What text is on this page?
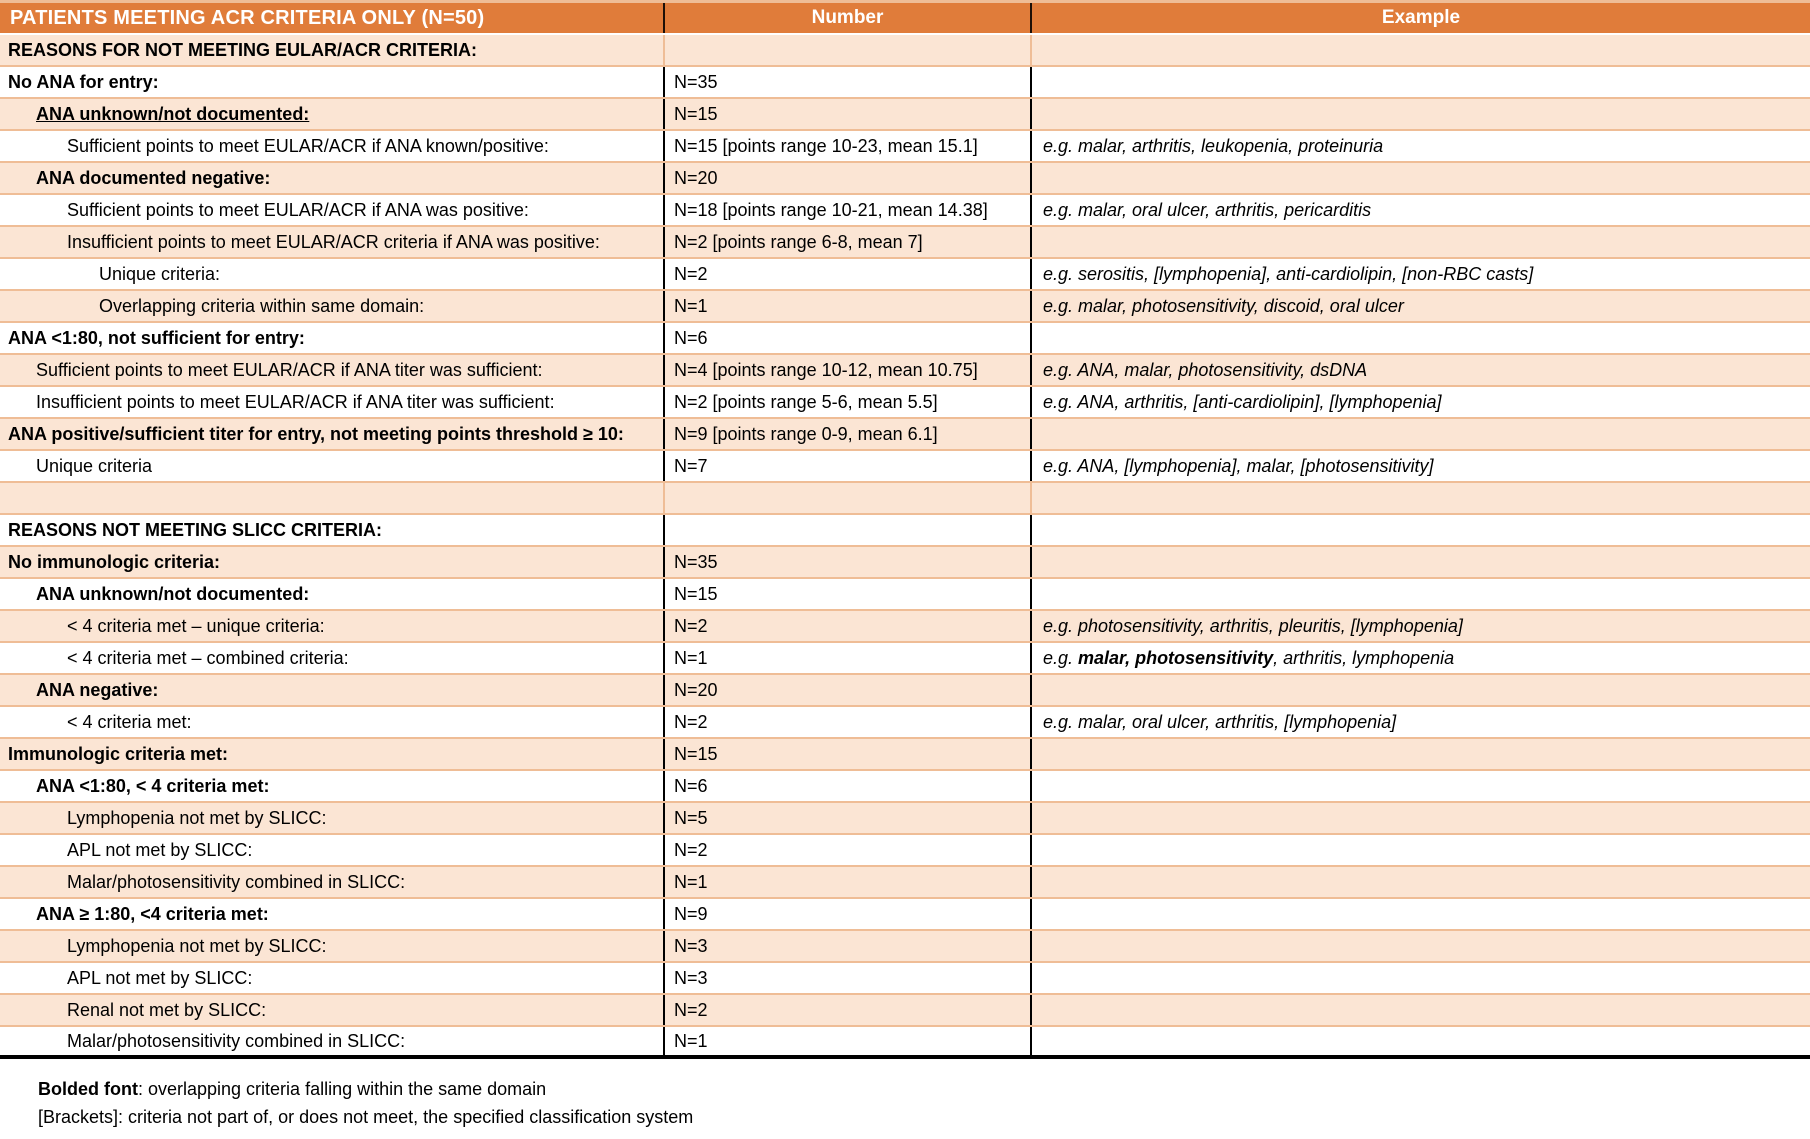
PATIENTS MEETING ACR CRITERIA ONLY (N=50)	Number	Example
REASONS FOR NOT MEETING EULAR/ACR CRITERIA:
No ANA for entry:	N=35
ANA unknown/not documented:	N=15
Sufficient points to meet EULAR/ACR if ANA known/positive:	N=15 [points range 10-23, mean 15.1]	e.g. malar, arthritis, leukopenia, proteinuria
ANA documented negative:	N=20
Sufficient points to meet EULAR/ACR if ANA was positive:	N=18 [points range 10-21, mean 14.38]	e.g. malar, oral ulcer, arthritis, pericarditis
Insufficient points to meet EULAR/ACR criteria if ANA was positive:	N=2 [points range 6-8, mean 7]
Unique criteria:	N=2	e.g. serositis, [lymphopenia], anti-cardiolipin, [non-RBC casts]
Overlapping criteria within same domain:	N=1	e.g. malar, photosensitivity, discoid, oral ulcer
ANA <1:80, not sufficient for entry:	N=6
Sufficient points to meet EULAR/ACR if ANA titer was sufficient:	N=4 [points range 10-12, mean 10.75]	e.g. ANA, malar, photosensitivity, dsDNA
Insufficient points to meet EULAR/ACR if ANA titer was sufficient:	N=2 [points range 5-6, mean 5.5]	e.g. ANA, arthritis, [anti-cardiolipin], [lymphopenia]
ANA positive/sufficient titer for entry, not meeting points threshold ≥ 10:	N=9 [points range 0-9, mean 6.1]
Unique criteria	N=7	e.g. ANA, [lymphopenia], malar, [photosensitivity]
REASONS NOT MEETING SLICC CRITERIA:
No immunologic criteria:	N=35
ANA unknown/not documented:	N=15
< 4 criteria met – unique criteria:	N=2	e.g. photosensitivity, arthritis, pleuritis, [lymphopenia]
< 4 criteria met – combined criteria:	N=1	e.g. malar, photosensitivity, arthritis, lymphopenia
ANA negative:	N=20
< 4 criteria met:	N=2	e.g. malar, oral ulcer, arthritis, [lymphopenia]
Immunologic criteria met:	N=15
ANA <1:80, < 4 criteria met:	N=6
Lymphopenia not met by SLICC:	N=5
APL not met by SLICC:	N=2
Malar/photosensitivity combined in SLICC:	N=1
ANA ≥ 1:80, <4 criteria met:	N=9
Lymphopenia not met by SLICC:	N=3
APL not met by SLICC:	N=3
Renal not met by SLICC:	N=2
Malar/photosensitivity combined in SLICC:	N=1
Bolded font: overlapping criteria falling within the same domain
[Brackets]: criteria not part of, or does not meet, the specified classification system
